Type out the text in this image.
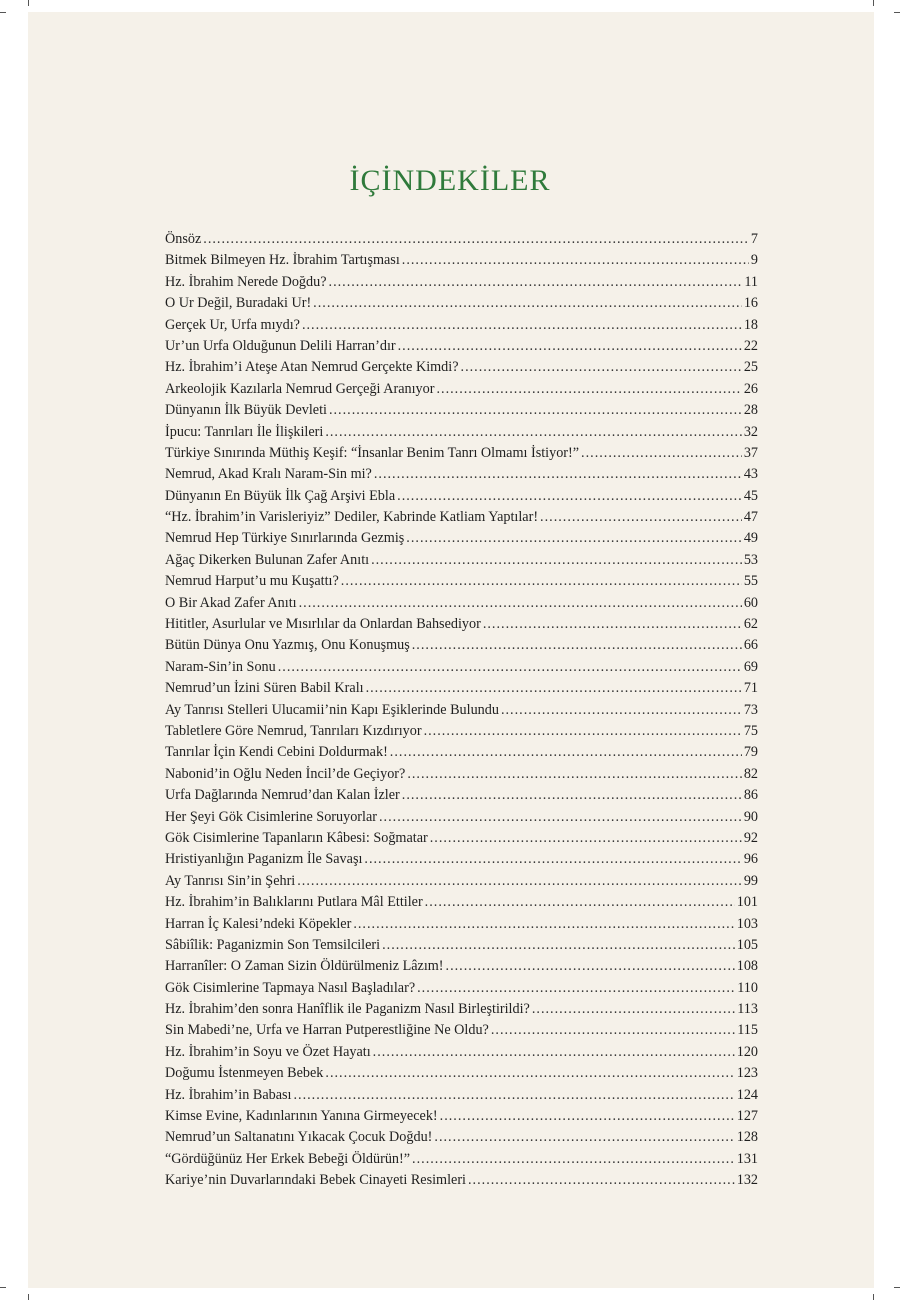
İÇİNDEKİLER
Önsöz .....	7
Bitmek Bilmeyen Hz. İbrahim Tartışması .....	9
Hz. İbrahim Nerede Doğdu? .....	11
O Ur Değil, Buradaki Ur! .....	16
Gerçek Ur, Urfa mıydı? .....	18
Ur’un Urfa Olduğunun Delili Harran’dır .....	22
Hz. İbrahim’i Ateşe Atan Nemrud Gerçekte Kimdi? .....	25
Arkeolojik Kazılarla Nemrud Gerçeği Aranıyor .....	26
Dünyanın İlk Büyük Devleti .....	28
İpucu: Tanrıları İle İlişkileri .....	32
Türkiye Sınırında Müthiş Keşif: “İnsanlar Benim Tanrı Olmamı İstiyor!” .....	37
Nemrud, Akad Kralı Naram-Sin mi? .....	43
Dünyanın En Büyük İlk Çağ Arşivi Ebla .....	45
“Hz. İbrahim’in Varisleriyiz” Dediler, Kabrinde Katliam Yaptılar! .....	47
Nemrud Hep Türkiye Sınırlarında Gezmiş .....	49
Ağaç Dikerken Bulunan Zafer Anıtı .....	53
Nemrud Harput’u mu Kuşattı? .....	55
O Bir Akad Zafer Anıtı .....	60
Hititler, Asurlular ve Mısırlılar da Onlardan Bahsediyor .....	62
Bütün Dünya Onu Yazmış, Onu Konuşmuş .....	66
Naram-Sin’in Sonu .....	69
Nemrud’un İzini Süren Babil Kralı .....	71
Ay Tanrısı Stelleri Ulucamii’nin Kapı Eşiklerinde Bulundu .....	73
Tabletlere Göre Nemrud, Tanrıları Kızdırıyor .....	75
Tanrılar İçin Kendi Cebini Doldurmak! .....	79
Nabonid’in Oğlu Neden İncil’de Geçiyor? .....	82
Urfa Dağlarında Nemrud’dan Kalan İzler .....	86
Her Şeyi Gök Cisimlerine Soruyorlar .....	90
Gök Cisimlerine Tapanların Kâbesi: Soğmatar .....	92
Hristiyanlığın Paganizm İle Savaşı .....	96
Ay Tanrısı Sin’in Şehri .....	99
Hz. İbrahim’in Balıklarını Putlara Mâl Ettiler .....	101
Harran İç Kalesi’ndeki Köpekler .....	103
Sâbiîlik: Paganizmin Son Temsilcileri .....	105
Harranîler: O Zaman Sizin Öldürülmeniz Lâzım! .....	108
Gök Cisimlerine Tapmaya Nasıl Başladılar? .....	110
Hz. İbrahim’den sonra Hanîflik ile Paganizm Nasıl Birleştirildi? .....	113
Sin Mabedi’ne, Urfa ve Harran Putperestliğine Ne Oldu? .....	115
Hz. İbrahim’in Soyu ve Özet Hayatı .....	120
Doğumu İstenmeyen Bebek .....	123
Hz. İbrahim’in Babası .....	124
Kimse Evine, Kadınlarının Yanına Girmeyecek! .....	127
Nemrud’un Saltanatını Yıkacak Çocuk Doğdu! .....	128
“Gördüğünüz Her Erkek Bebeği Öldürün!” .....	131
Kariye’nin Duvarlarındaki Bebek Cinayeti Resimleri .....	132
